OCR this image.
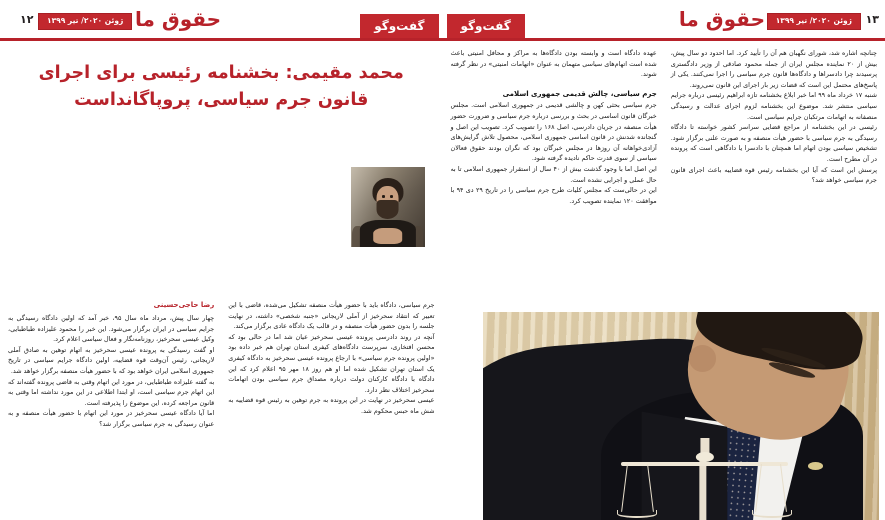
گفت‌وگو	حقوق ما	ژوئن ۲۰۲۰/ تیر ۱۳۹۹	۱۳

چنانچه اشاره شد، شورای نگهبان هم آن را تأیید کرد. اما احدود دو سال پیش، بیش از ۲۰ نماینده مجلس ایران از جمله محمود صادقی از وزیر دادگستری پرسیدند چرا دادسراها و دادگاه‌ها قانون جرم سیاسی را اجرا نمی‌کنند. یکی از پاسخ‌های محتمل این است که قضات زیر بار اجرای این قانون نمی‌روند.

شنبه ۱۷ خرداد ماه ۹۹ اما خبر ابلاغ بخشنامه تازه ابراهیم رئیسی درباره جرایم سیاسی منتشر شد. موضوع این بخشنامه لزوم اجرای عدالت و رسیدگی منصفانه به اتهامات مرتکبان جرایم سیاسی است.

رئیسی در این بخشنامه از مراجع قضایی سراسر کشور خواسته تا دادگاه رسیدگی به جرم سیاسی با حضور هیأت منصفه و به صورت علنی برگزار شود. تشخیص سیاسی بودن اتهام اما همچنان با دادسرا یا دادگاهی است که پرونده در آن مطرح است.

پرسش این است که آیا این بخشنامه رئیس قوه قضاییه باعث اجرای قانون جرم سیاسی خواهد شد؟

عهده دادگاه است و وابسته بودن دادگاه‌ها به مراکز و محافل امنیتی باعث شده است اتهام‌های سیاسی متهمان به عنوان «اتهامات امنیتی» در نظر گرفته شوند.

جرم سیاسی، چالش قدیمی جمهوری اسلامی

جرم سیاسی بحثی کهن و چالشی قدیمی در جمهوری اسلامی است. مجلس خبرگان قانون اساسی در بحث و بررسی درباره جرم سیاسی و ضرورت حضور هیأت منصفه در جریان دادرسی، اصل ۱۶۸ را تصویب کرد. تصویب این اصل و گنجانده شدنش در قانون اساسی جمهوری اسلامی، محصول تلاش گرایش‌های آزادی‌خواهانه آن روزها در مجلس خبرگان بود که نگران بودند حقوق فعالان سیاسی از سوی قدرت حاکم نادیده گرفته شود.

این اصل اما با وجود گذشت بیش از ۴۰ سال از استقرار جمهوری اسلامی تا به حال عملی و اجرایی نشده است.

این در حالی‌ست که مجلس کلیات طرح جرم سیاسی را در تاریخ ۲۹ دی ۹۴ با موافقت ۱۲۰ نماینده تصویب کرد.

گفت‌وگو
حقوق ما
ژوئن ۲۰۲۰/ تیر ۱۳۹۹
۱۲
محمد مقیمی: بخشنامه رئیسی برای اجرای قانون جرم سیاسی، پروپاگانداست

جرم سیاسی، دادگاه باید با حضور هیأت منصفه تشکیل می‌شده، قاضی با این تعبیر که انتقاد سحرخیز از آملی لاریجانی «جنبه شخصی» داشته، در نهایت جلسه را بدون حضور هیأت منصفه و در قالب یک دادگاه عادی برگزار می‌کند.

آنچه در روند دادرسی پرونده عیسی سحرخیز عیان شد اما در حالی بود که محسن افتخاری، سرپرست دادگاه‌های کیفری استان تهران هم خبر داده بود «اولین پرونده جرم سیاسی» با ارجاع پرونده عیسی سحرخیز به دادگاه کیفری یک استان تهران تشکیل شده اما او هم روز ۱۸ مهر ۹۵ اعلام کرد که این دادگاه با دادگاه کارکنان دولت درباره مصداق جرم سیاسی بودن اتهامات سحرخیز اختلاف نظر دارد.

عیسی سحرخیز در نهایت در این پرونده به جرم توهین به رئیس قوه قضاییه به شش ماه حبس محکوم شد.

رضا حاجی‌حسینی

چهار سال پیش، مرداد ماه سال ۹۵، خبر آمد که اولین دادگاه رسیدگی به جرایم سیاسی در ایران برگزار می‌شود. این خبر را محمود علیزاده طباطبایی، وکیل عیسی سحرخیز، روزنامه‌نگار و فعال سیاسی اعلام کرد.

او گفت رسیدگی به پرونده عیسی سحرخیز به اتهام توهین به صادق آملی لاریجانی، رئیس آن‌وقت قوه قضاییه، اولین دادگاه جرایم سیاسی در تاریخ جمهوری اسلامی ایران خواهد بود که با حضور هیأت منصفه برگزار خواهد شد.

به گفته علیزاده طباطبایی، در مورد این اتهام وقتی به قاضی پرونده گفته‌اند که این اتهام جرم سیاسی است، او ابتدا اطلاعی در این مورد نداشته اما وقتی به قانون مراجعه کرده، این موضوع را پذیرفته است.

اما آیا دادگاه عیسی سحرخیز در مورد این اتهام با حضور هیأت منصفه و به عنوان رسیدگی به جرم سیاسی برگزار شد؟
